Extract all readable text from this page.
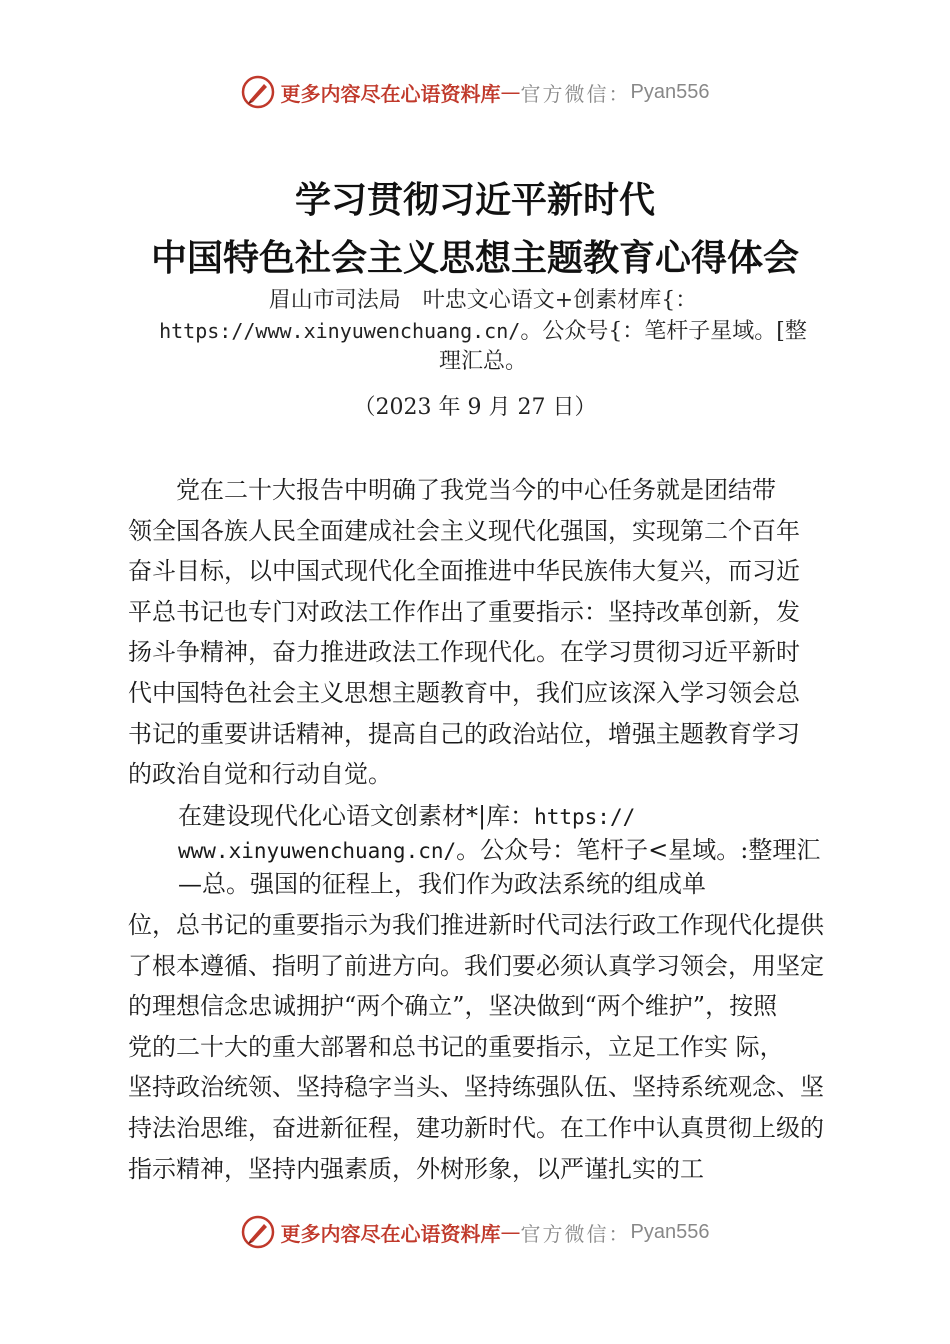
更多内容尽在心语资料库 — 官方微信： Pyan556
学习贯彻习近平新时代
中国特色社会主义思想主题教育心得体会
眉山市司法局　叶忠文心语文+创素材库{：
https://www.xinyuwenchuang.cn/。公众号{：笔杆子星域。[整
理汇总。
（2023 年 9 月 27 日）
党在二十大报告中明确了我党当今的中心任务就是团结带
领全国各族人民全面建成社会主义现代化强国，实现第二个百年
奋斗目标，以中国式现代化全面推进中华民族伟大复兴，而习近
平总书记也专门对政法工作作出了重要指示：坚持改革创新，发
扬斗争精神，奋力推进政法工作现代化。在学习贯彻习近平新时
代中国特色社会主义思想主题教育中，我们应该深入学习领会总
书记的重要讲话精神，提高自己的政治站位，增强主题教育学习
的政治自觉和行动自觉。
在建设现代化心语文创素材*|库：https://
www.xinyuwenchuang.cn/。公众号：笔杆子<星域。:整理汇
—总。强国的征程上，我们作为政法系统的组成单
位，总书记的重要指示为我们推进新时代司法行政工作现代化提供
了根本遵循、指明了前进方向。我们要必须认真学习领会，用坚定
的理想信念忠诚拥护“两个确立”，坚决做到“两个维护”，按照
党的二十大的重大部署和总书记的重要指示，立足工作实 际，
坚持政治统领、坚持稳字当头、坚持练强队伍、坚持系统观念、坚
持法治思维，奋进新征程，建功新时代。在工作中认真贯彻上级的
指示精神，坚持内强素质，外树形象，以严谨扎实的工
更多内容尽在心语资料库 — 官方微信： Pyan556
